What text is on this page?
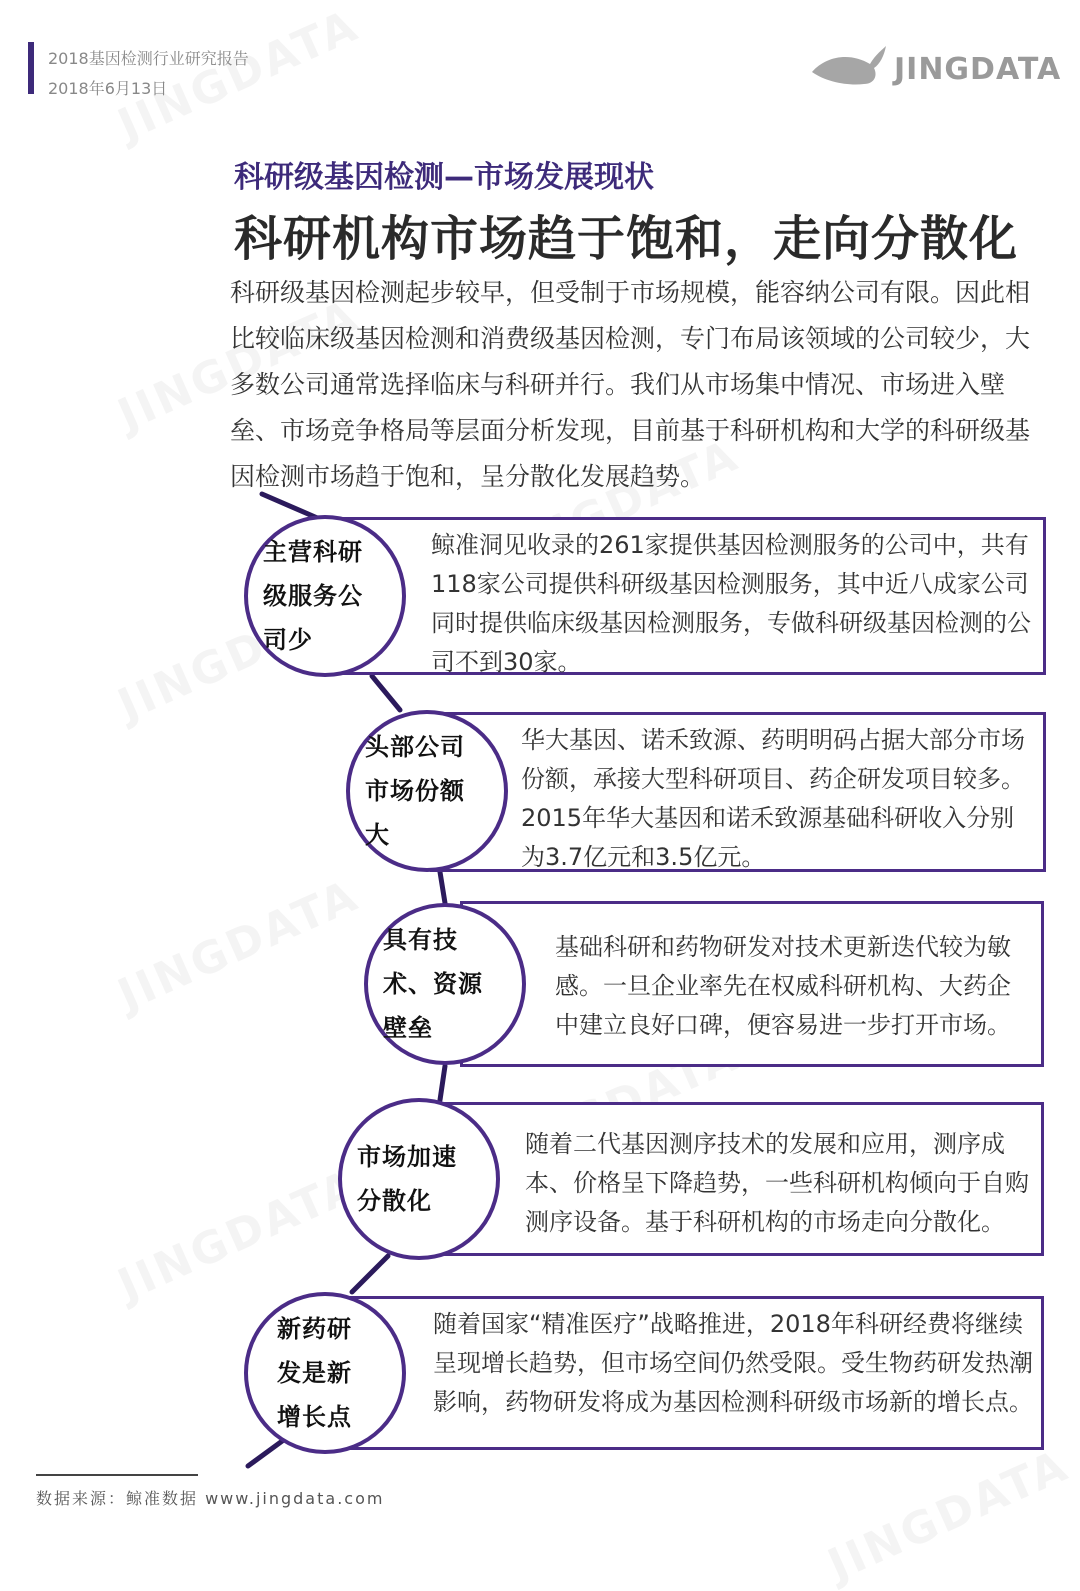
2018基因检测行业研究报告
2018年6月13日
JINGDATA
科研级基因检测—市场发展现状
科研机构市场趋于饱和，走向分散化

科研级基因检测起步较早，但受制于市场规模，能容纳公司有限。因此相比较临床级基因检测和消费级基因检测，专门布局该领域的公司较少，大多数公司通常选择临床与科研并行。我们从市场集中情况、市场进入壁垒、市场竞争格局等层面分析发现，目前基于科研机构和大学的科研级基因检测市场趋于饱和，呈分散化发展趋势。

鲸准洞见收录的261家提供基因检测服务的公司中，共有118家公司提供科研级基因检测服务，其中近八成家公司同时提供临床级基因检测服务，专做科研级基因检测的公司不到30家。
主营科研级服务公司少
华大基因、诺禾致源、药明明码占据大部分市场份额，承接大型科研项目、药企研发项目较多。2015年华大基因和诺禾致源基础科研收入分别为3.7亿元和3.5亿元。
头部公司市场份额大
基础科研和药物研发对技术更新迭代较为敏感。一旦企业率先在权威科研机构、大药企中建立良好口碑，便容易进一步打开市场。
具有技术、资源壁垒
随着二代基因测序技术的发展和应用，测序成本、价格呈下降趋势，一些科研机构倾向于自购测序设备。基于科研机构的市场走向分散化。
市场加速分散化
随着国家“精准医疗”战略推进，2018年科研经费将继续呈现增长趋势，但市场空间仍然受限。受生物药研发热潮影响，药物研发将成为基因检测科研级市场新的增长点。
新药研发是新增长点
数据来源：鲸准数据 www.jingdata.com
